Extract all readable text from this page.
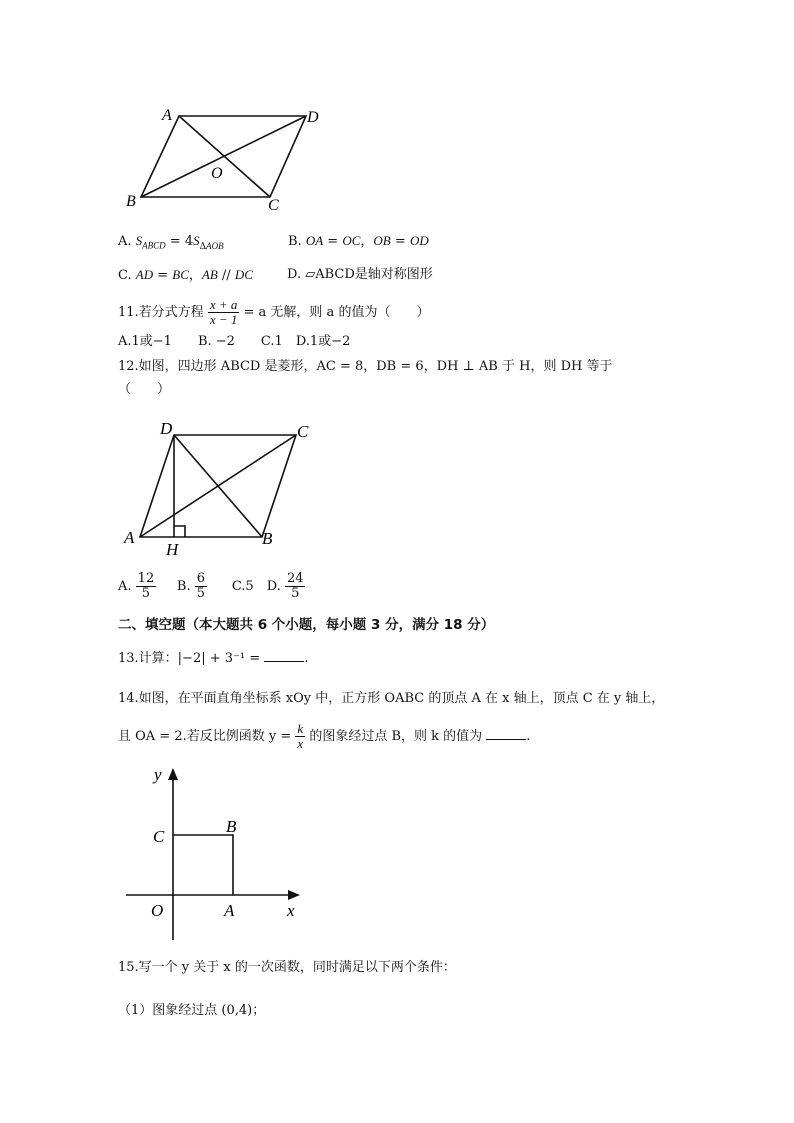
A	D
O
B	C
A. $S_{ABCD} = 4S_{\Delta AOB}$	B. OA = OC，OB = OD
C. AD = BC，AB // DC	D. ▱ABCD是轴对称图形
11.若分式方程 $\frac{x + a}{x - 1} = a$ 无解，则 a 的值为（　　）
A.1或−1　　B. −2　　C.1　D.1或−2
12.如图，四边形 ABCD 是菱形，AC = 8，DB = 6，DH ⊥ AB 于 H，则 DH 等于
（　　）
D	C
A
H
B
A. $\frac{12}{5} B$. $\frac{6}{5} C.5$　D. $\frac{24}{5}$
二、填空题（本大题共 6 个小题，每小题 3 分，满分 18 分）
13.计算：|−2| + 3⁻¹ =	.
14.如图，在平面直角坐标系 xOy 中，正方形 OABC 的顶点 A 在 x 轴上，顶点 C 在 y 轴上，
且 OA = 2.若反比例函数 $y = \frac{k}{x}$ 的图象经过点 B，则 k 的值为	.
y
x
O	A
B
C
15.写一个 y 关于 x 的一次函数，同时满足以下两个条件：
（1）图象经过点 (0,4)；
